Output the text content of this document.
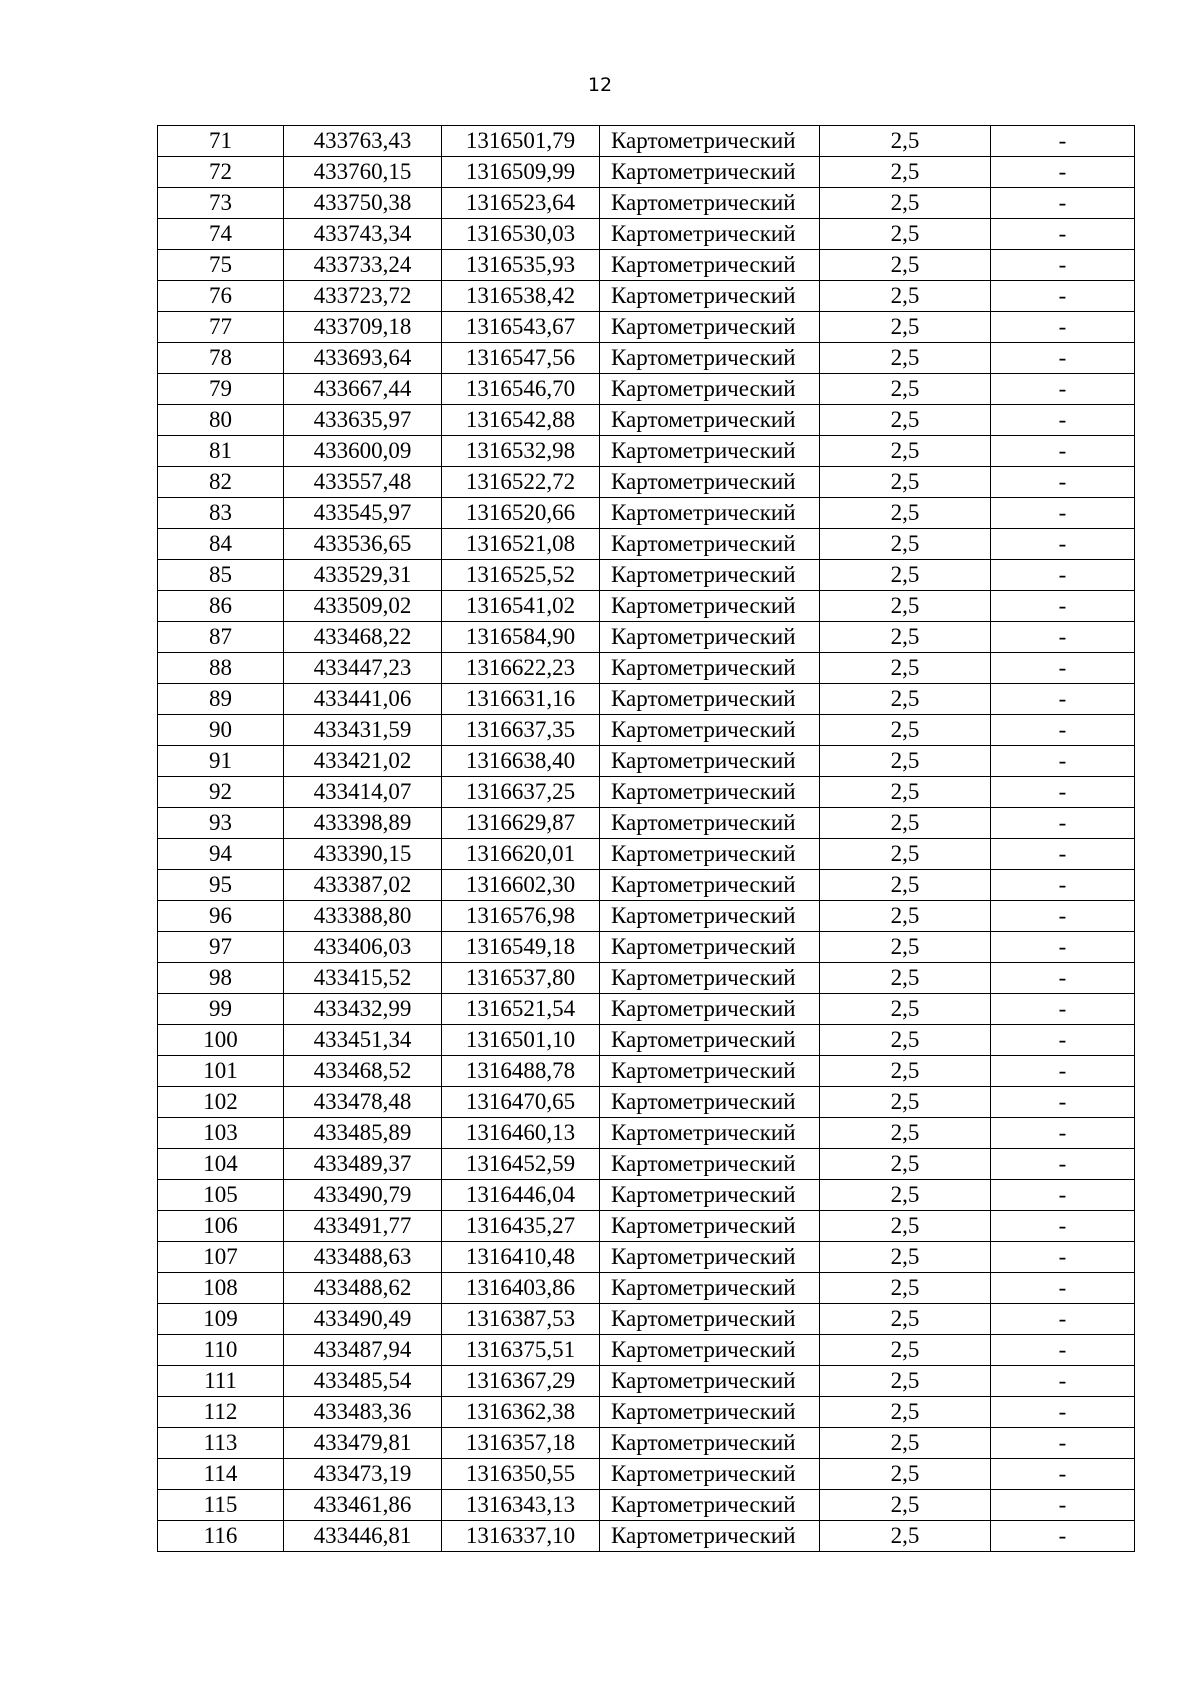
12
71	433763,43	1316501,79	Картометрический	2,5	-
72	433760,15	1316509,99	Картометрический	2,5	-
73	433750,38	1316523,64	Картометрический	2,5	-
74	433743,34	1316530,03	Картометрический	2,5	-
75	433733,24	1316535,93	Картометрический	2,5	-
76	433723,72	1316538,42	Картометрический	2,5	-
77	433709,18	1316543,67	Картометрический	2,5	-
78	433693,64	1316547,56	Картометрический	2,5	-
79	433667,44	1316546,70	Картометрический	2,5	-
80	433635,97	1316542,88	Картометрический	2,5	-
81	433600,09	1316532,98	Картометрический	2,5	-
82	433557,48	1316522,72	Картометрический	2,5	-
83	433545,97	1316520,66	Картометрический	2,5	-
84	433536,65	1316521,08	Картометрический	2,5	-
85	433529,31	1316525,52	Картометрический	2,5	-
86	433509,02	1316541,02	Картометрический	2,5	-
87	433468,22	1316584,90	Картометрический	2,5	-
88	433447,23	1316622,23	Картометрический	2,5	-
89	433441,06	1316631,16	Картометрический	2,5	-
90	433431,59	1316637,35	Картометрический	2,5	-
91	433421,02	1316638,40	Картометрический	2,5	-
92	433414,07	1316637,25	Картометрический	2,5	-
93	433398,89	1316629,87	Картометрический	2,5	-
94	433390,15	1316620,01	Картометрический	2,5	-
95	433387,02	1316602,30	Картометрический	2,5	-
96	433388,80	1316576,98	Картометрический	2,5	-
97	433406,03	1316549,18	Картометрический	2,5	-
98	433415,52	1316537,80	Картометрический	2,5	-
99	433432,99	1316521,54	Картометрический	2,5	-
100	433451,34	1316501,10	Картометрический	2,5	-
101	433468,52	1316488,78	Картометрический	2,5	-
102	433478,48	1316470,65	Картометрический	2,5	-
103	433485,89	1316460,13	Картометрический	2,5	-
104	433489,37	1316452,59	Картометрический	2,5	-
105	433490,79	1316446,04	Картометрический	2,5	-
106	433491,77	1316435,27	Картометрический	2,5	-
107	433488,63	1316410,48	Картометрический	2,5	-
108	433488,62	1316403,86	Картометрический	2,5	-
109	433490,49	1316387,53	Картометрический	2,5	-
110	433487,94	1316375,51	Картометрический	2,5	-
111	433485,54	1316367,29	Картометрический	2,5	-
112	433483,36	1316362,38	Картометрический	2,5	-
113	433479,81	1316357,18	Картометрический	2,5	-
114	433473,19	1316350,55	Картометрический	2,5	-
115	433461,86	1316343,13	Картометрический	2,5	-
116	433446,81	1316337,10	Картометрический	2,5	-
